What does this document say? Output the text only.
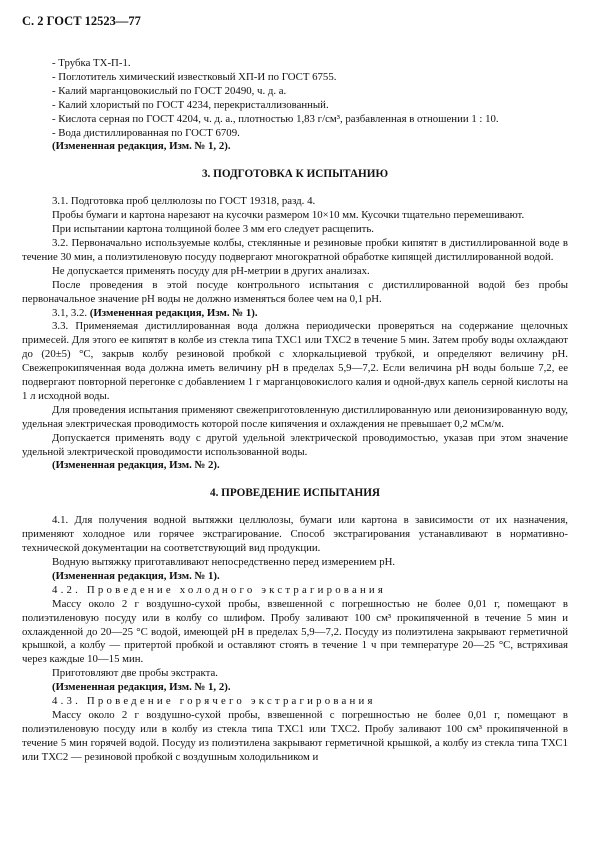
С. 2 ГОСТ 12523—77

- Трубка ТХ-П-1.

- Поглотитель химический известковый ХП-И по ГОСТ 6755.

- Калий марганцовокислый по ГОСТ 20490, ч. д. а.

- Калий хлористый по ГОСТ 4234, перекристаллизованный.

- Кислота серная по ГОСТ 4204, ч. д. а., плотностью 1,83 г/см³, разбавленная в отношении 1 : 10.

- Вода дистиллированная по ГОСТ 6709.

(Измененная редакция, Изм. № 1, 2).

3. ПОДГОТОВКА К ИСПЫТАНИЮ

3.1. Подготовка проб целлюлозы по ГОСТ 19318, разд. 4.

Пробы бумаги и картона нарезают на кусочки размером 10×10 мм. Кусочки тщательно перемешивают.

При испытании картона толщиной более 3 мм его следует расщепить.

3.2. Первоначально используемые колбы, стеклянные и резиновые пробки кипятят в дистиллированной воде в течение 30 мин, а полиэтиленовую посуду подвергают многократной обработке кипящей дистиллированной водой.

Не допускается применять посуду для pH-метрии в других анализах.

После проведения в этой посуде контрольного испытания с дистиллированной водой без пробы первоначальное значение pH воды не должно изменяться более чем на 0,1 pH.

3.1, 3.2. (Измененная редакция, Изм. № 1).

3.3. Применяемая дистиллированная вода должна периодически проверяться на содержание щелочных примесей. Для этого ее кипятят в колбе из стекла типа ТХС1 или ТХС2 в течение 5 мин. Затем пробу воды охлаждают до (20±5) °С, закрыв колбу резиновой пробкой с хлоркальциевой трубкой, и определяют величину pH. Свежепрокипяченная вода должна иметь величину pH в пределах 5,9—7,2. Если величина pH воды больше 7,2, ее подвергают повторной перегонке с добавлением 1 г марганцовокислого калия и одной-двух капель серной кислоты на 1 л исходной воды.

Для проведения испытания применяют свежеприготовленную дистиллированную или деионизированную воду, удельная электрическая проводимость которой после кипячения и охлаждения не превышает 0,2 мСм/м.

Допускается применять воду с другой удельной электрической проводимостью, указав при этом значение удельной электрической проводимости использованной воды.

(Измененная редакция, Изм. № 2).

4. ПРОВЕДЕНИЕ ИСПЫТАНИЯ

4.1. Для получения водной вытяжки целлюлозы, бумаги или картона в зависимости от их назначения, применяют холодное или горячее экстрагирование. Способ экстрагирования устанавливают в нормативно-технической документации на соответствующий вид продукции.

Водную вытяжку приготавливают непосредственно перед измерением pH.

(Измененная редакция, Изм. № 1).

4.2. Проведение холодного экстрагирования

Массу около 2 г воздушно-сухой пробы, взвешенной с погрешностью не более 0,01 г, помещают в полиэтиленовую посуду или в колбу со шлифом. Пробу заливают 100 см³ прокипяченной в течение 5 мин и охлажденной до 20—25 °С водой, имеющей pH в пределах 5,9—7,2. Посуду из полиэтилена закрывают герметичной крышкой, а колбу — притертой пробкой и оставляют стоять в течение 1 ч при температуре 20—25 °С, встряхивая через каждые 10—15 мин.

Приготовляют две пробы экстракта.

(Измененная редакция, Изм. № 1, 2).

4.3. Проведение горячего экстрагирования

Массу около 2 г воздушно-сухой пробы, взвешенной с погрешностью не более 0,01 г, помещают в полиэтиленовую посуду или в колбу из стекла типа ТХС1 или ТХС2. Пробу заливают 100 см³ прокипяченной в течение 5 мин горячей водой. Посуду из полиэтилена закрывают герметичной крышкой, а колбу из стекла типа ТХС1 или ТХС2 — резиновой пробкой с воздушным холодильником и
